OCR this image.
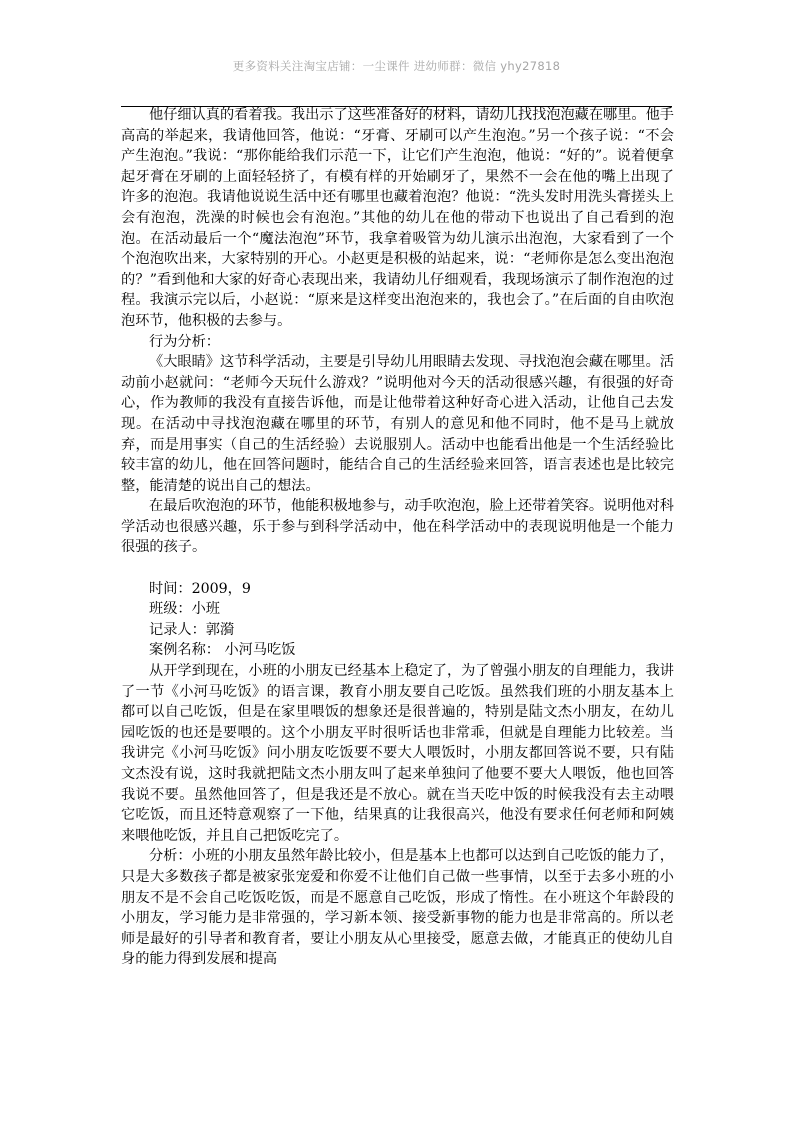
更多资料关注淘宝店铺：一尘课件 进幼师群：微信 yhy27818

他仔细认真的看着我。我出示了这些准备好的材料，请幼儿找找泡泡藏在哪里。他手高高的举起来，我请他回答，他说：“牙膏、牙刷可以产生泡泡。”另一个孩子说：“不会产生泡泡。”我说：“那你能给我们示范一下，让它们产生泡泡，他说：“好的”。说着便拿起牙膏在牙刷的上面轻轻挤了，有模有样的开始刷牙了，果然不一会在他的嘴上出现了许多的泡泡。我请他说说生活中还有哪里也藏着泡泡？他说：“洗头发时用洗头膏搓头上会有泡泡，洗澡的时候也会有泡泡。”其他的幼儿在他的带动下也说出了自己看到的泡泡。在活动最后一个“魔法泡泡”环节，我拿着吸管为幼儿演示出泡泡，大家看到了一个个泡泡吹出来，大家特别的开心。小赵更是积极的站起来，说：“老师你是怎么变出泡泡的？”看到他和大家的好奇心表现出来，我请幼儿仔细观看，我现场演示了制作泡泡的过程。我演示完以后，小赵说：“原来是这样变出泡泡来的，我也会了。”在后面的自由吹泡泡环节，他积极的去参与。

行为分析：

《大眼睛》这节科学活动，主要是引导幼儿用眼睛去发现、寻找泡泡会藏在哪里。活动前小赵就问：“老师今天玩什么游戏？”说明他对今天的活动很感兴趣，有很强的好奇心，作为教师的我没有直接告诉他，而是让他带着这种好奇心进入活动，让他自己去发现。在活动中寻找泡泡藏在哪里的环节，有别人的意见和他不同时，他不是马上就放弃，而是用事实（自己的生活经验）去说服别人。活动中也能看出他是一个生活经验比较丰富的幼儿，他在回答问题时，能结合自己的生活经验来回答，语言表述也是比较完整，能清楚的说出自己的想法。

在最后吹泡泡的环节，他能积极地参与，动手吹泡泡，脸上还带着笑容。说明他对科学活动也很感兴趣，乐于参与到科学活动中，他在科学活动中的表现说明他是一个能力很强的孩子。

时间：2009，9

班级：小班

记录人：郭漪

案例名称： 小河马吃饭

从开学到现在，小班的小朋友已经基本上稳定了，为了曾强小朋友的自理能力，我讲了一节《小河马吃饭》的语言课，教育小朋友要自己吃饭。虽然我们班的小朋友基本上都可以自己吃饭，但是在家里喂饭的想象还是很普遍的，特别是陆文杰小朋友，在幼儿园吃饭的也还是要喂的。这个小朋友平时很听话也非常乖，但就是自理能力比较差。当我讲完《小河马吃饭》问小朋友吃饭要不要大人喂饭时，小朋友都回答说不要，只有陆文杰没有说，这时我就把陆文杰小朋友叫了起来单独问了他要不要大人喂饭，他也回答我说不要。虽然他回答了，但是我还是不放心。就在当天吃中饭的时候我没有去主动喂它吃饭，而且还特意观察了一下他，结果真的让我很高兴，他没有要求任何老师和阿姨来喂他吃饭，并且自己把饭吃完了。

分析：小班的小朋友虽然年龄比较小，但是基本上也都可以达到自己吃饭的能力了，只是大多数孩子都是被家张宠爱和你爱不让他们自己做一些事情，以至于去多小班的小朋友不是不会自己吃饭吃饭，而是不愿意自己吃饭，形成了惰性。在小班这个年龄段的小朋友，学习能力是非常强的，学习新本领、接受新事物的能力也是非常高的。所以老师是最好的引导者和教育者，要让小朋友从心里接受，愿意去做，才能真正的使幼儿自身的能力得到发展和提高
